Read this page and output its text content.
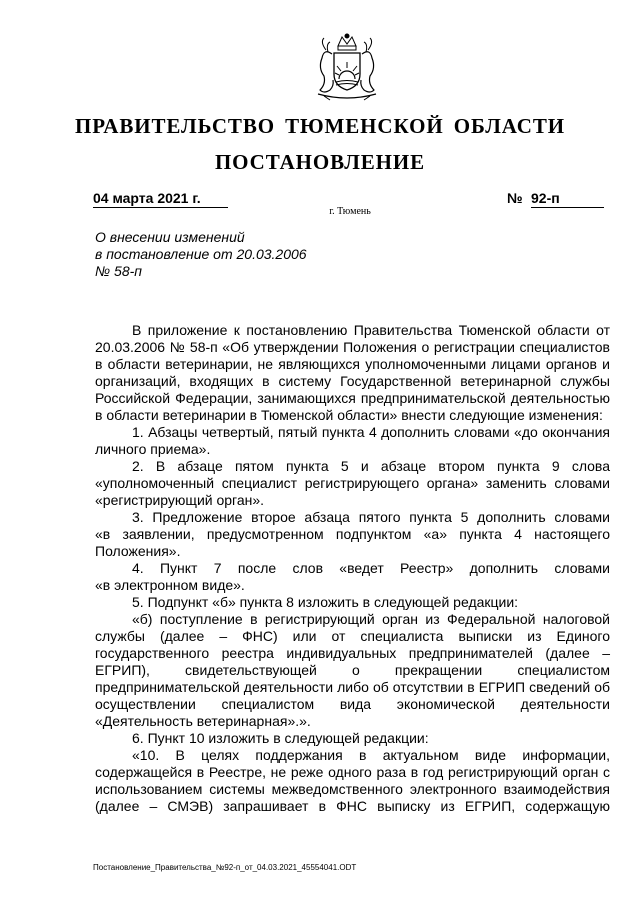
ПРАВИТЕЛЬСТВО ТЮМЕНСКОЙ ОБЛАСТИ
ПОСТАНОВЛЕНИЕ
04 марта 2021 г.	№ 92-п
г. Тюмень
О внесении изменений
в постановление от 20.03.2006
№ 58-п
В приложение к постановлению Правительства Тюменской области от
20.03.2006 № 58-п «Об утверждении Положения о регистрации специалистов
в области ветеринарии, не являющихся уполномоченными лицами органов и
организаций, входящих в систему Государственной ветеринарной службы
Российской Федерации, занимающихся предпринимательской деятельностью
в области ветеринарии в Тюменской области» внести следующие изменения:
1. Абзацы четвертый, пятый пункта 4 дополнить словами «до окончания
личного приема».
2. В абзаце пятом пункта 5 и абзаце втором пункта 9 слова
«уполномоченный специалист регистрирующего органа» заменить словами
«регистрирующий орган».
3. Предложение второе абзаца пятого пункта 5 дополнить словами
«в заявлении, предусмотренном подпунктом «а» пункта 4 настоящего
Положения».
4. Пункт 7 после слов «ведет Реестр» дополнить словами
«в электронном виде».
5. Подпункт «б» пункта 8 изложить в следующей редакции:
«б) поступление в регистрирующий орган из Федеральной налоговой
службы (далее – ФНС) или от специалиста выписки из Единого
государственного реестра индивидуальных предпринимателей (далее –
ЕГРИП), свидетельствующей о прекращении специалистом
предпринимательской деятельности либо об отсутствии в ЕГРИП сведений об
осуществлении специалистом вида экономической деятельности
«Деятельность ветеринарная».».
6. Пункт 10 изложить в следующей редакции:
«10. В целях поддержания в актуальном виде информации,
содержащейся в Реестре, не реже одного раза в год регистрирующий орган с
использованием системы межведомственного электронного взаимодействия
(далее – СМЭВ) запрашивает в ФНС выписку из ЕГРИП, содержащую
Постановление_Правительства_№92-п_от_04.03.2021_45554041.ODT
